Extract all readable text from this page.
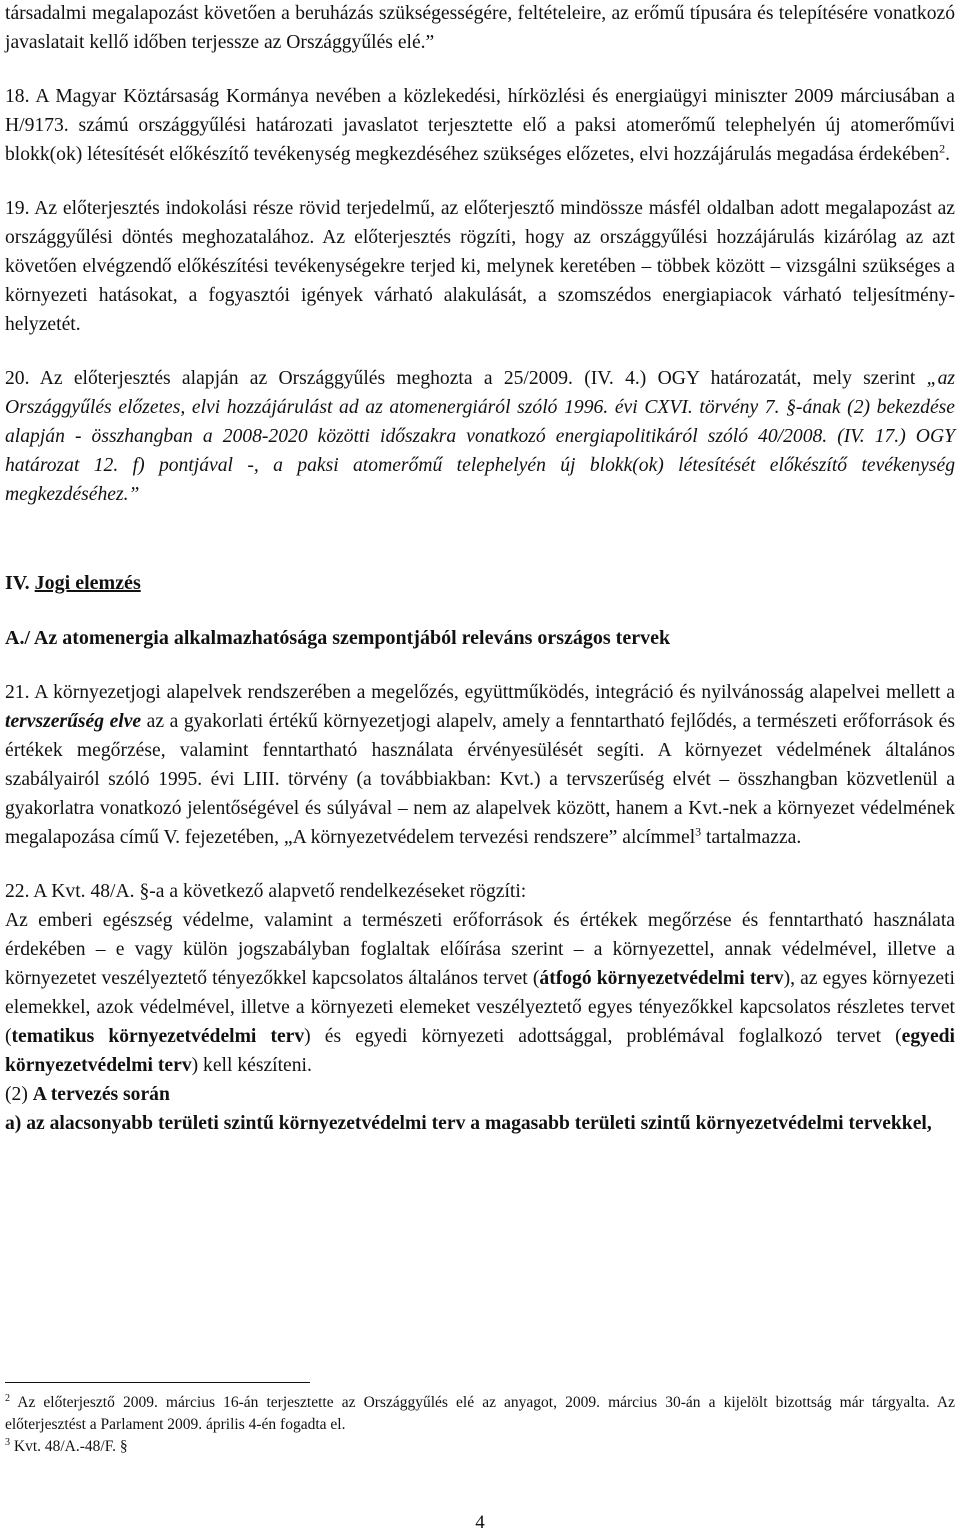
társadalmi megalapozást követően a beruházás szükségességére, feltételeire, az erőmű típusára és telepítésére vonatkozó javaslatait kellő időben terjessze az Országgyűlés elé.”

18. A Magyar Köztársaság Kormánya nevében a közlekedési, hírközlési és energiaügyi miniszter 2009 márciusában a H/9173. számú országgyűlési határozati javaslatot terjesztette elő a paksi atomerőmű telephelyén új atomerőművi blokk(ok) létesítését előkészítő tevékenység megkezdéséhez szükséges előzetes, elvi hozzájárulás megadása érdekében$^2$.

19. Az előterjesztés indokolási része rövid terjedelmű, az előterjesztő mindössze másfél oldalban adott megalapozást az országgyűlési döntés meghozatalához. Az előterjesztés rögzíti, hogy az országgyűlési hozzájárulás kizárólag az azt követően elvégzendő előkészítési tevékenységekre terjed ki, melynek keretében – többek között – vizsgálni szükséges a környezeti hatásokat, a fogyasztói igények várható alakulását, a szomszédos energiapiacok várható teljesítmény-helyzetét.

20. Az előterjesztés alapján az Országgyűlés meghozta a 25/2009. (IV. 4.) OGY határozatát, mely szerint „az Országgyűlés előzetes, elvi hozzájárulást ad az atomenergiáról szóló 1996. évi CXVI. törvény 7. §-ának (2) bekezdése alapján - összhangban a 2008-2020 közötti időszakra vonatkozó energiapolitikáról szóló 40/2008. (IV. 17.) OGY határozat 12. f) pontjával -, a paksi atomerőmű telephelyén új blokk(ok) létesítését előkészítő tevékenység megkezdéséhez.”

IV. Jogi elemzés

A./ Az atomenergia alkalmazhatósága szempontjából releváns országos tervek

21. A környezetjogi alapelvek rendszerében a megelőzés, együttműködés, integráció és nyilvánosság alapelvei mellett a tervszerűség elve az a gyakorlati értékű környezetjogi alapelv, amely a fenntartható fejlődés, a természeti erőforrások és értékek megőrzése, valamint fenntartható használata érvényesülését segíti. A környezet védelmének általános szabályairól szóló 1995. évi LIII. törvény (a továbbiakban: Kvt.) a tervszerűség elvét – összhangban közvetlenül a gyakorlatra vonatkozó jelentőségével és súlyával – nem az alapelvek között, hanem a Kvt.-nek a környezet védelmének megalapozása című V. fejezetében, „A környezetvédelem tervezési rendszere” alcímmel$^3$ tartalmazza.

22. A Kvt. 48/A. §-a a következő alapvető rendelkezéseket rögzíti:

Az emberi egészség védelme, valamint a természeti erőforrások és értékek megőrzése és fenntartható használata érdekében – e vagy külön jogszabályban foglaltak előírása szerint – a környezettel, annak védelmével, illetve a környezetet veszélyeztető tényezőkkel kapcsolatos általános tervet (átfogó környezetvédelmi terv), az egyes környezeti elemekkel, azok védelmével, illetve a környezeti elemeket veszélyeztető egyes tényezőkkel kapcsolatos részletes tervet (tematikus környezetvédelmi terv) és egyedi környezeti adottsággal, problémával foglalkozó tervet (egyedi környezetvédelmi terv) kell készíteni.

(2) A tervezés során

a) az alacsonyabb területi szintű környezetvédelmi terv a magasabb területi szintű környezetvédelmi tervekkel,

$^2$ Az előterjesztő 2009. március 16-án terjesztette az Országgyűlés elé az anyagot, 2009. március 30-án a kijelölt bizottság már tárgyalta. Az előterjesztést a Parlament 2009. április 4-én fogadta el.

$^3$ Kvt. 48/A.-48/F. §

4
